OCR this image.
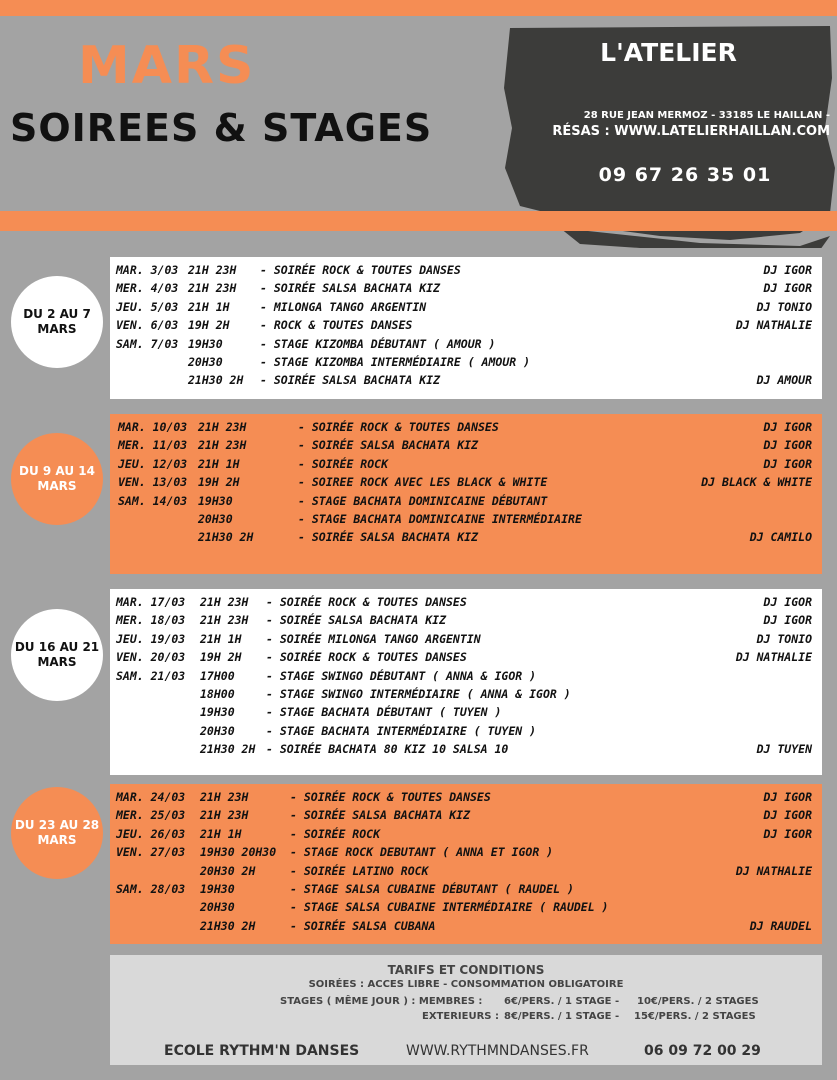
MARS
SOIREES & STAGES
L'ATELIER
28 RUE JEAN MERMOZ - 33185 LE HAILLAN -
RÉSAS : WWW.LATELIERHAILLAN.COM
09 67 26 35 01
DU 2 AU 7
MARS
MAR. 3/03 21H 23H - SOIRÉE ROCK & TOUTES DANSES	DJ IGOR
MER. 4/03 21H 23H - SOIRÉE SALSA BACHATA KIZ	DJ IGOR
JEU. 5/03 21H 1H	- MILONGA TANGO ARGENTIN	DJ TONIO
VEN. 6/03 19H 2H	- ROCK & TOUTES DANSES	DJ NATHALIE
SAM. 7/03 19H30	- STAGE KIZOMBA DÉBUTANT ( AMOUR )
20H30	- STAGE KIZOMBA INTERMÉDIAIRE ( AMOUR )
21H30 2H - SOIRÉE SALSA BACHATA KIZ	DJ AMOUR
DU 9 AU 14
MARS
MAR. 10/03 21H 23H	- SOIRÉE ROCK & TOUTES DANSES	DJ IGOR
MER. 11/03 21H 23H	- SOIRÉE SALSA BACHATA KIZ	DJ IGOR
JEU. 12/03 21H 1H	- SOIRÉE ROCK	DJ IGOR
VEN. 13/03 19H 2H	- SOIREE ROCK AVEC LES BLACK & WHITE	DJ BLACK & WHITE
SAM. 14/03 19H30	- STAGE BACHATA DOMINICAINE DÉBUTANT
20H30	- STAGE BACHATA DOMINICAINE INTERMÉDIAIRE
21H30 2H	- SOIRÉE SALSA BACHATA KIZ	DJ CAMILO
DU 16 AU 21
MARS
MAR. 17/03 21H 23H - SOIRÉE ROCK & TOUTES DANSES	DJ IGOR
MER. 18/03 21H 23H - SOIRÉE SALSA BACHATA KIZ	DJ IGOR
JEU. 19/03 21H 1H - SOIRÉE MILONGA TANGO ARGENTIN	DJ TONIO
VEN. 20/03 19H 2H - SOIRÉE ROCK & TOUTES DANSES	DJ NATHALIE
SAM. 21/03 17H00	- STAGE SWINGO DÉBUTANT ( ANNA & IGOR )
18H00	- STAGE SWINGO INTERMÉDIAIRE ( ANNA & IGOR )
19H30	- STAGE BACHATA DÉBUTANT ( TUYEN )
20H30	- STAGE BACHATA INTERMÉDIAIRE ( TUYEN )
21H30 2H - SOIRÉE BACHATA 80 KIZ 10 SALSA 10	DJ TUYEN
DU 23 AU 28
MARS
MAR. 24/03 21H 23H	- SOIRÉE ROCK & TOUTES DANSES	DJ IGOR
MER. 25/03 21H 23H	- SOIRÉE SALSA BACHATA KIZ	DJ IGOR
JEU. 26/03 21H 1H	- SOIRÉE ROCK	DJ IGOR
VEN. 27/03 19H30 20H30 - STAGE ROCK DEBUTANT ( ANNA ET IGOR )
20H30 2H	- SOIRÉE LATINO ROCK	DJ NATHALIE
SAM. 28/03 19H30	- STAGE SALSA CUBAINE DÉBUTANT ( RAUDEL )
20H30	- STAGE SALSA CUBAINE INTERMÉDIAIRE ( RAUDEL )
21H30 2H	- SOIRÉE SALSA CUBANA	DJ RAUDEL
TARIFS ET CONDITIONS
SOIRÉES : ACCES LIBRE - CONSOMMATION OBLIGATOIRE
STAGES ( MÊME JOUR ) : MEMBRES : 6€/PERS. / 1 STAGE - 10€/PERS. / 2 STAGES
EXTERIEURS : 8€/PERS. / 1 STAGE - 15€/PERS. / 2 STAGES
ECOLE RYTHM'N DANSES	WWW.RYTHMNDANSES.FR	06 09 72 00 29
